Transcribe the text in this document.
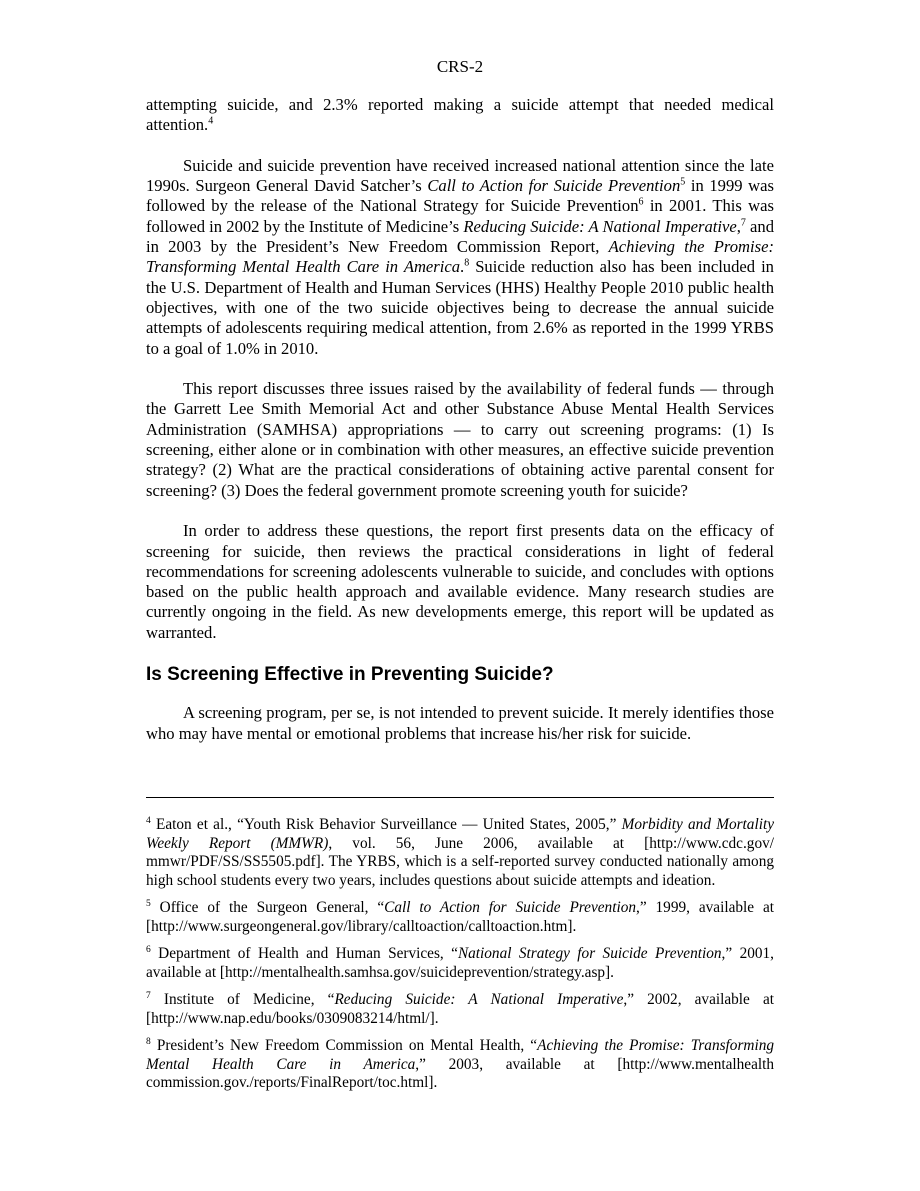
CRS-2

attempting suicide, and 2.3% reported making a suicide attempt that needed medical attention.$^4$

Suicide and suicide prevention have received increased national attention since the late 1990s. Surgeon General David Satcher’s Call to Action for Suicide Prevention$^5$ in 1999 was followed by the release of the National Strategy for Suicide Prevention$^6$ in 2001. This was followed in 2002 by the Institute of Medicine’s Reducing Suicide: A National Imperative,$^7$ and in 2003 by the President’s New Freedom Commission Report, Achieving the Promise: Transforming Mental Health Care in America.$^8$ Suicide reduction also has been included in the U.S. Department of Health and Human Services (HHS) Healthy People 2010 public health objectives, with one of the two suicide objectives being to decrease the annual suicide attempts of adolescents requiring medical attention, from 2.6% as reported in the 1999 YRBS to a goal of 1.0% in 2010.

This report discusses three issues raised by the availability of federal funds — through the Garrett Lee Smith Memorial Act and other Substance Abuse Mental Health Services Administration (SAMHSA) appropriations — to carry out screening programs: (1) Is screening, either alone or in combination with other measures, an effective suicide prevention strategy? (2) What are the practical considerations of obtaining active parental consent for screening? (3) Does the federal government promote screening youth for suicide?

In order to address these questions, the report first presents data on the efficacy of screening for suicide, then reviews the practical considerations in light of federal recommendations for screening adolescents vulnerable to suicide, and concludes with options based on the public health approach and available evidence. Many research studies are currently ongoing in the field. As new developments emerge, this report will be updated as warranted.

Is Screening Effective in Preventing Suicide?

A screening program, per se, is not intended to prevent suicide. It merely identifies those who may have mental or emotional problems that increase his/her risk for suicide.

$^4$ Eaton et al., “Youth Risk Behavior Surveillance — United States, 2005,” Morbidity and Mortality Weekly Report (MMWR), vol. 56, June 2006, available at [http://www.cdc.gov/ mmwr/PDF/SS/SS5505.pdf]. The YRBS, which is a self-reported survey conducted nationally among high school students every two years, includes questions about suicide attempts and ideation.

$^5$ Office of the Surgeon General, “Call to Action for Suicide Prevention,” 1999, available at [http://www.surgeongeneral.gov/library/calltoaction/calltoaction.htm].

$^6$ Department of Health and Human Services, “National Strategy for Suicide Prevention,” 2001, available at [http://mentalhealth.samhsa.gov/suicideprevention/strategy.asp].

$^7$ Institute of Medicine, “Reducing Suicide: A National Imperative,” 2002, available at [http://www.nap.edu/books/0309083214/html/].

$^8$ President’s New Freedom Commission on Mental Health, “Achieving the Promise: Transforming Mental Health Care in America,” 2003, available at [http://www.mentalhealth commission.gov./reports/FinalReport/toc.html].
